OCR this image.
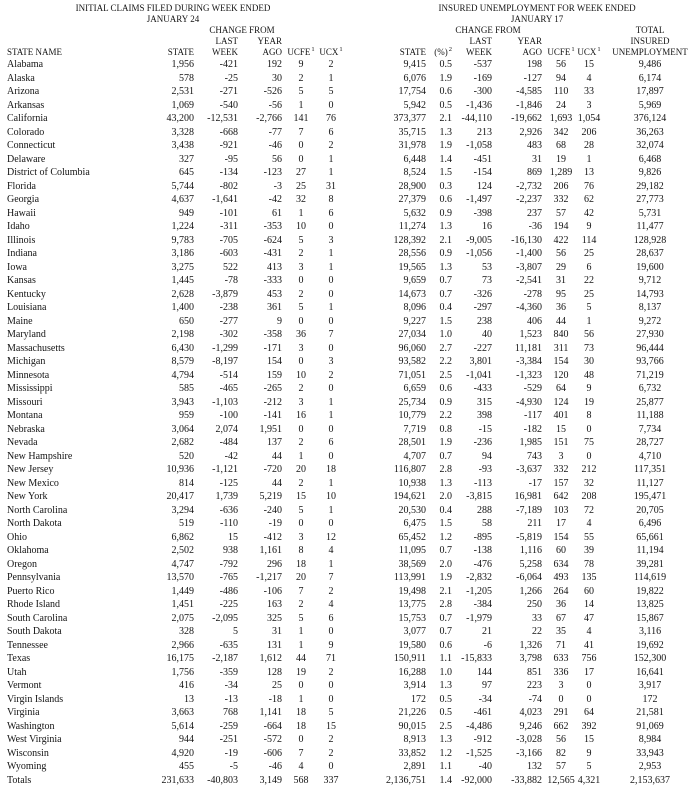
INITIAL CLAIMS FILED DURING WEEK ENDED							INSURED UNEMPLOYMENT FOR WEEK ENDED						
JANUARY 24							JANUARY 17						
		CHANGE FROM						CHANGE FROM					TOTAL
		LAST	YEAR						LAST	YEAR			INSURED
STATE NAME	STATE	WEEK	AGO	UCFE$^1$	UCX$^1$		STATE	(%)$^2$	WEEK	AGO	UCFE$^1$	UCX$^1$	UNEMPLOYMENT
Alabama	1,956	-421	192	9	2		9,415	0.5	-537	198	56	15	9,486
Alaska	578	-25	30	2	1		6,076	1.9	-169	-127	94	4	6,174
Arizona	2,531	-271	-526	5	5		17,754	0.6	-300	-4,585	110	33	17,897
Arkansas	1,069	-540	-56	1	0		5,942	0.5	-1,436	-1,846	24	3	5,969
California	43,200	-12,531	-2,766	141	76		373,377	2.1	-44,110	-19,662	1,693	1,054	376,124
Colorado	3,328	-668	-77	7	6		35,715	1.3	213	2,926	342	206	36,263
Connecticut	3,438	-921	-46	0	2		31,978	1.9	-1,058	483	68	28	32,074
Delaware	327	-95	56	0	1		6,448	1.4	-451	31	19	1	6,468
District of Columbia	645	-134	-123	27	1		8,524	1.5	-154	869	1,289	13	9,826
Florida	5,744	-802	-3	25	31		28,900	0.3	124	-2,732	206	76	29,182
Georgia	4,637	-1,641	-42	32	8		27,379	0.6	-1,497	-2,237	332	62	27,773
Hawaii	949	-101	61	1	6		5,632	0.9	-398	237	57	42	5,731
Idaho	1,224	-311	-353	10	0		11,274	1.3	16	-36	194	9	11,477
Illinois	9,783	-705	-624	5	3		128,392	2.1	-9,005	-16,130	422	114	128,928
Indiana	3,186	-603	-431	2	1		28,556	0.9	-1,056	-1,400	56	25	28,637
Iowa	3,275	522	413	3	1		19,565	1.3	53	-3,807	29	6	19,600
Kansas	1,445	-78	-333	0	0		9,659	0.7	73	-2,541	31	22	9,712
Kentucky	2,628	-3,879	453	2	0		14,673	0.7	-326	-278	95	25	14,793
Louisiana	1,400	-238	361	5	1		8,096	0.4	-297	-4,360	36	5	8,137
Maine	650	-277	9	0	0		9,227	1.5	238	406	44	1	9,272
Maryland	2,198	-302	-358	36	7		27,034	1.0	40	1,523	840	56	27,930
Massachusetts	6,430	-1,299	-171	3	0		96,060	2.7	-227	11,181	311	73	96,444
Michigan	8,579	-8,197	154	0	3		93,582	2.2	3,801	-3,384	154	30	93,766
Minnesota	4,794	-514	159	10	2		71,051	2.5	-1,041	-1,323	120	48	71,219
Mississippi	585	-465	-265	2	0		6,659	0.6	-433	-529	64	9	6,732
Missouri	3,943	-1,103	-212	3	1		25,734	0.9	315	-4,930	124	19	25,877
Montana	959	-100	-141	16	1		10,779	2.2	398	-117	401	8	11,188
Nebraska	3,064	2,074	1,951	0	0		7,719	0.8	-15	-182	15	0	7,734
Nevada	2,682	-484	137	2	6		28,501	1.9	-236	1,985	151	75	28,727
New Hampshire	520	-42	44	1	0		4,707	0.7	94	743	3	0	4,710
New Jersey	10,936	-1,121	-720	20	18		116,807	2.8	-93	-3,637	332	212	117,351
New Mexico	814	-125	44	2	1		10,938	1.3	-113	-17	157	32	11,127
New York	20,417	1,739	5,219	15	10		194,621	2.0	-3,815	16,981	642	208	195,471
North Carolina	3,294	-636	-240	5	1		20,530	0.4	288	-7,189	103	72	20,705
North Dakota	519	-110	-19	0	0		6,475	1.5	58	211	17	4	6,496
Ohio	6,862	15	-412	3	12		65,452	1.2	-895	-5,819	154	55	65,661
Oklahoma	2,502	938	1,161	8	4		11,095	0.7	-138	1,116	60	39	11,194
Oregon	4,747	-792	296	18	1		38,569	2.0	-476	5,258	634	78	39,281
Pennsylvania	13,570	-765	-1,217	20	7		113,991	1.9	-2,832	-6,064	493	135	114,619
Puerto Rico	1,449	-486	-106	7	2		19,498	2.1	-1,205	1,266	264	60	19,822
Rhode Island	1,451	-225	163	2	4		13,775	2.8	-384	250	36	14	13,825
South Carolina	2,075	-2,095	325	5	6		15,753	0.7	-1,979	33	67	47	15,867
South Dakota	328	5	31	1	0		3,077	0.7	21	22	35	4	3,116
Tennessee	2,966	-635	131	1	9		19,580	0.6	-6	1,326	71	41	19,692
Texas	16,175	-2,187	1,612	44	71		150,911	1.1	-15,833	3,798	633	756	152,300
Utah	1,756	-359	128	19	2		16,288	1.0	144	851	336	17	16,641
Vermont	416	-34	25	0	0		3,914	1.3	97	223	3	0	3,917
Virgin Islands	13	-13	-18	1	0		172	0.5	-34	-74	0	0	172
Virginia	3,663	768	1,141	18	5		21,226	0.5	-461	4,023	291	64	21,581
Washington	5,614	-259	-664	18	15		90,015	2.5	-4,486	9,246	662	392	91,069
West Virginia	944	-251	-572	0	2		8,913	1.3	-912	-3,028	56	15	8,984
Wisconsin	4,920	-19	-606	7	2		33,852	1.2	-1,525	-3,166	82	9	33,943
Wyoming	455	-5	-46	4	0		2,891	1.1	-40	132	57	5	2,953
Totals	231,633	-40,803	3,149	568	337		2,136,751	1.4	-92,000	-33,882	12,565	4,321	2,153,637
